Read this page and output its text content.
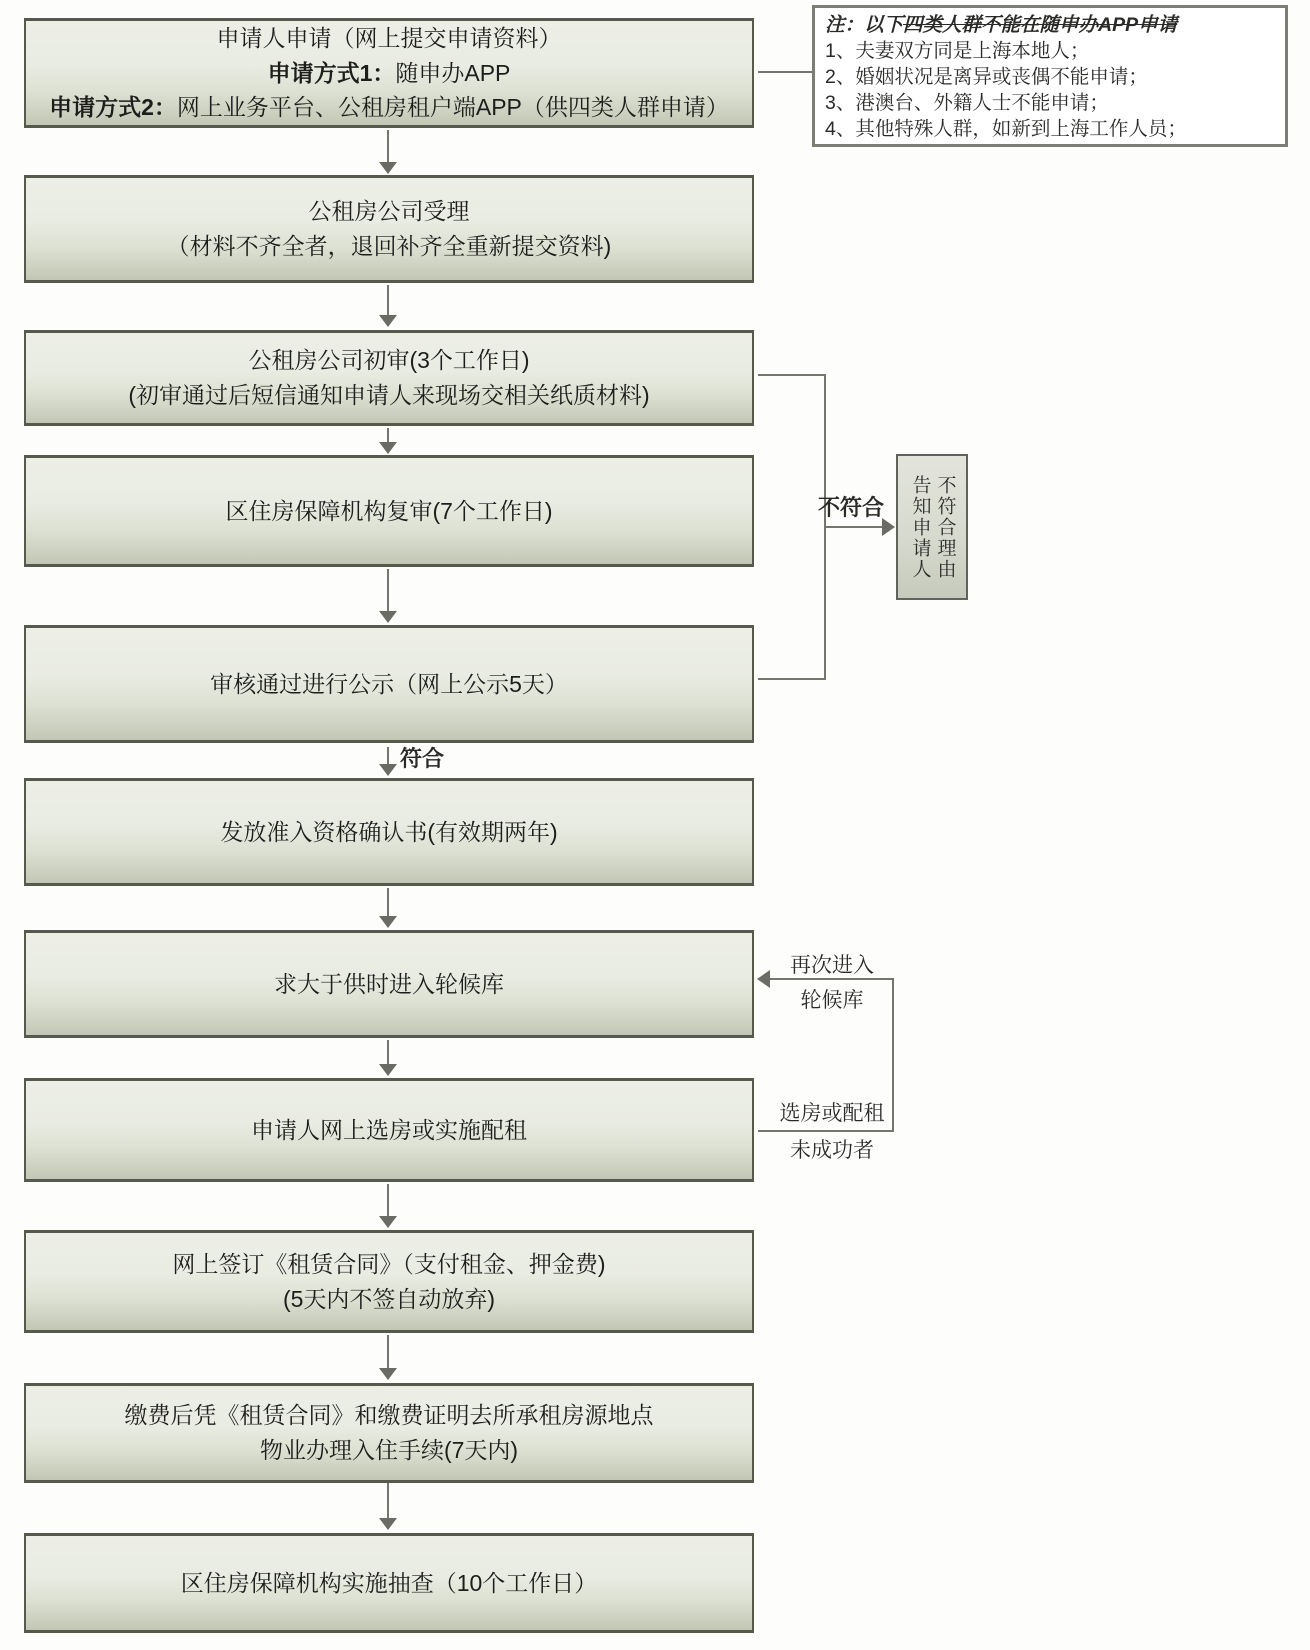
申请人申请（网上提交申请资料）
申请方式1：随申办APP
申请方式2：网上业务平台、公租房租户端APP（供四类人群申请）
注：以下四类人群不能在随申办APP申请
1、夫妻双方同是上海本地人；
2、婚姻状况是离异或丧偶不能申请；
3、港澳台、外籍人士不能申请；
4、其他特殊人群，如新到上海工作人员；
公租房公司受理
（材料不齐全者，退回补齐全重新提交资料)
公租房公司初审(3个工作日)
(初审通过后短信通知申请人来现场交相关纸质材料)
区住房保障机构复审(7个工作日)
审核通过进行公示（网上公示5天）
不符合	不符合理由
告知申请人
符合
发放准入资格确认书(有效期两年)
求大于供时进入轮候库
申请人网上选房或实施配租
再次进入
轮候库
选房或配租
未成功者
网上签订《租赁合同》（支付租金、押金费)
(5天内不签自动放弃)
缴费后凭《租赁合同》和缴费证明去所承租房源地点
物业办理入住手续(7天内)
区住房保障机构实施抽查（10个工作日）
